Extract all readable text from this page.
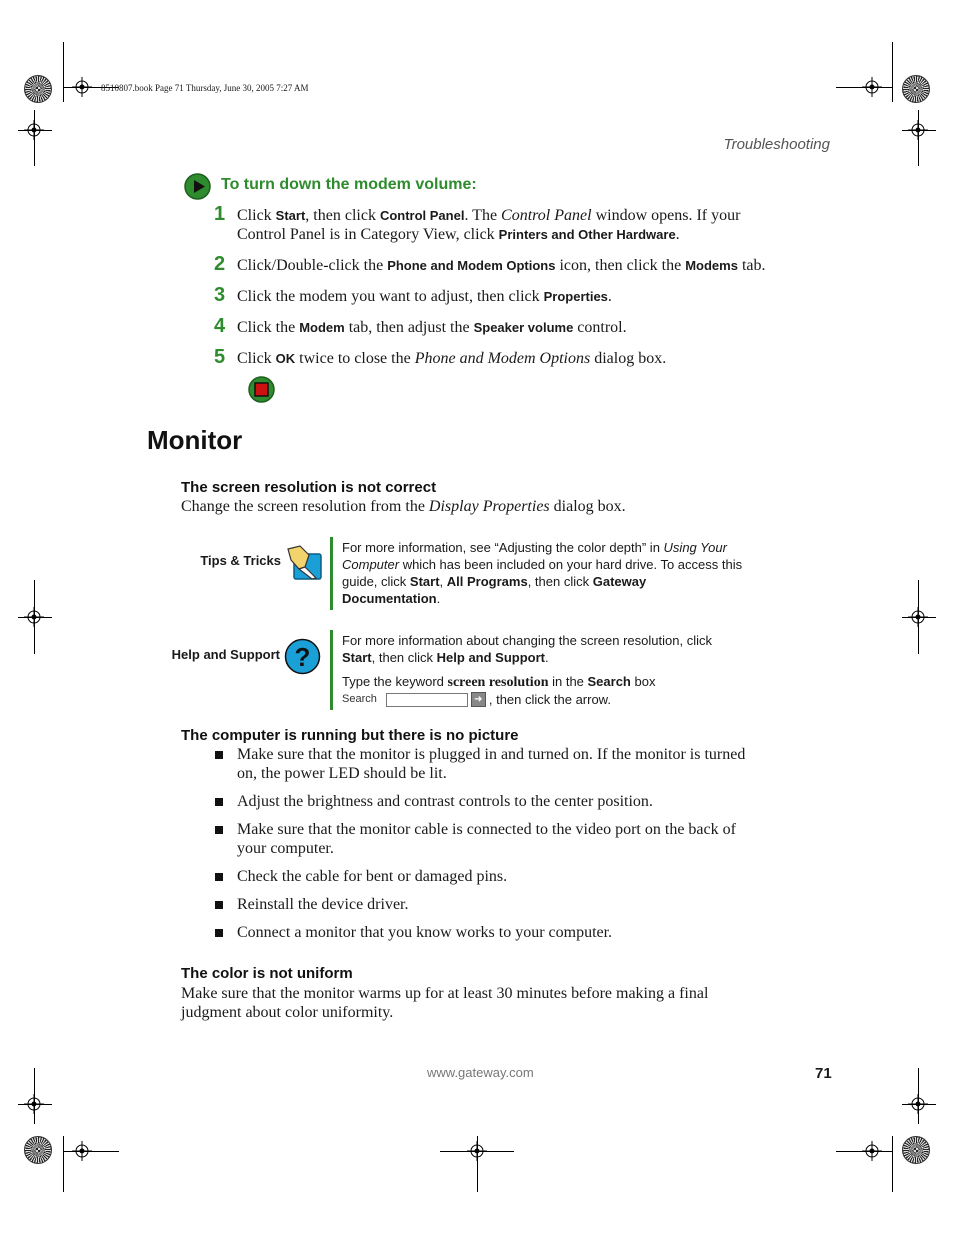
8510807.book Page 71 Thursday, June 30, 2005 7:27 AM
Troubleshooting
To turn down the modem volume:
1 Click Start, then click Control Panel. The Control Panel window opens. If your
Control Panel is in Category View, click Printers and Other Hardware.
2 Click/Double-click the Phone and Modem Options icon, then click the Modems tab.
3 Click the modem you want to adjust, then click Properties.
4 Click the Modem tab, then adjust the Speaker volume control.
5 Click OK twice to close the Phone and Modem Options dialog box.
Monitor
The screen resolution is not correct
Change the screen resolution from the Display Properties dialog box.
Tips & Tricks
For more information, see “Adjusting the color depth” in Using Your
Computer which has been included on your hard drive. To access this
guide, click Start, All Programs, then click Gateway
Documentation.
Help and Support ?
For more information about changing the screen resolution, click
Start, then click Help and Support.
Type the keyword screen resolution in the Search box
Search	➜ , then click the arrow.
The computer is running but there is no picture
Make sure that the monitor is plugged in and turned on. If the monitor is turned
on, the power LED should be lit.
Adjust the brightness and contrast controls to the center position.
Make sure that the monitor cable is connected to the video port on the back of
your computer.
Check the cable for bent or damaged pins.
Reinstall the device driver.
Connect a monitor that you know works to your computer.
The color is not uniform
Make sure that the monitor warms up for at least 30 minutes before making a final
judgment about color uniformity.
www.gateway.com	71
